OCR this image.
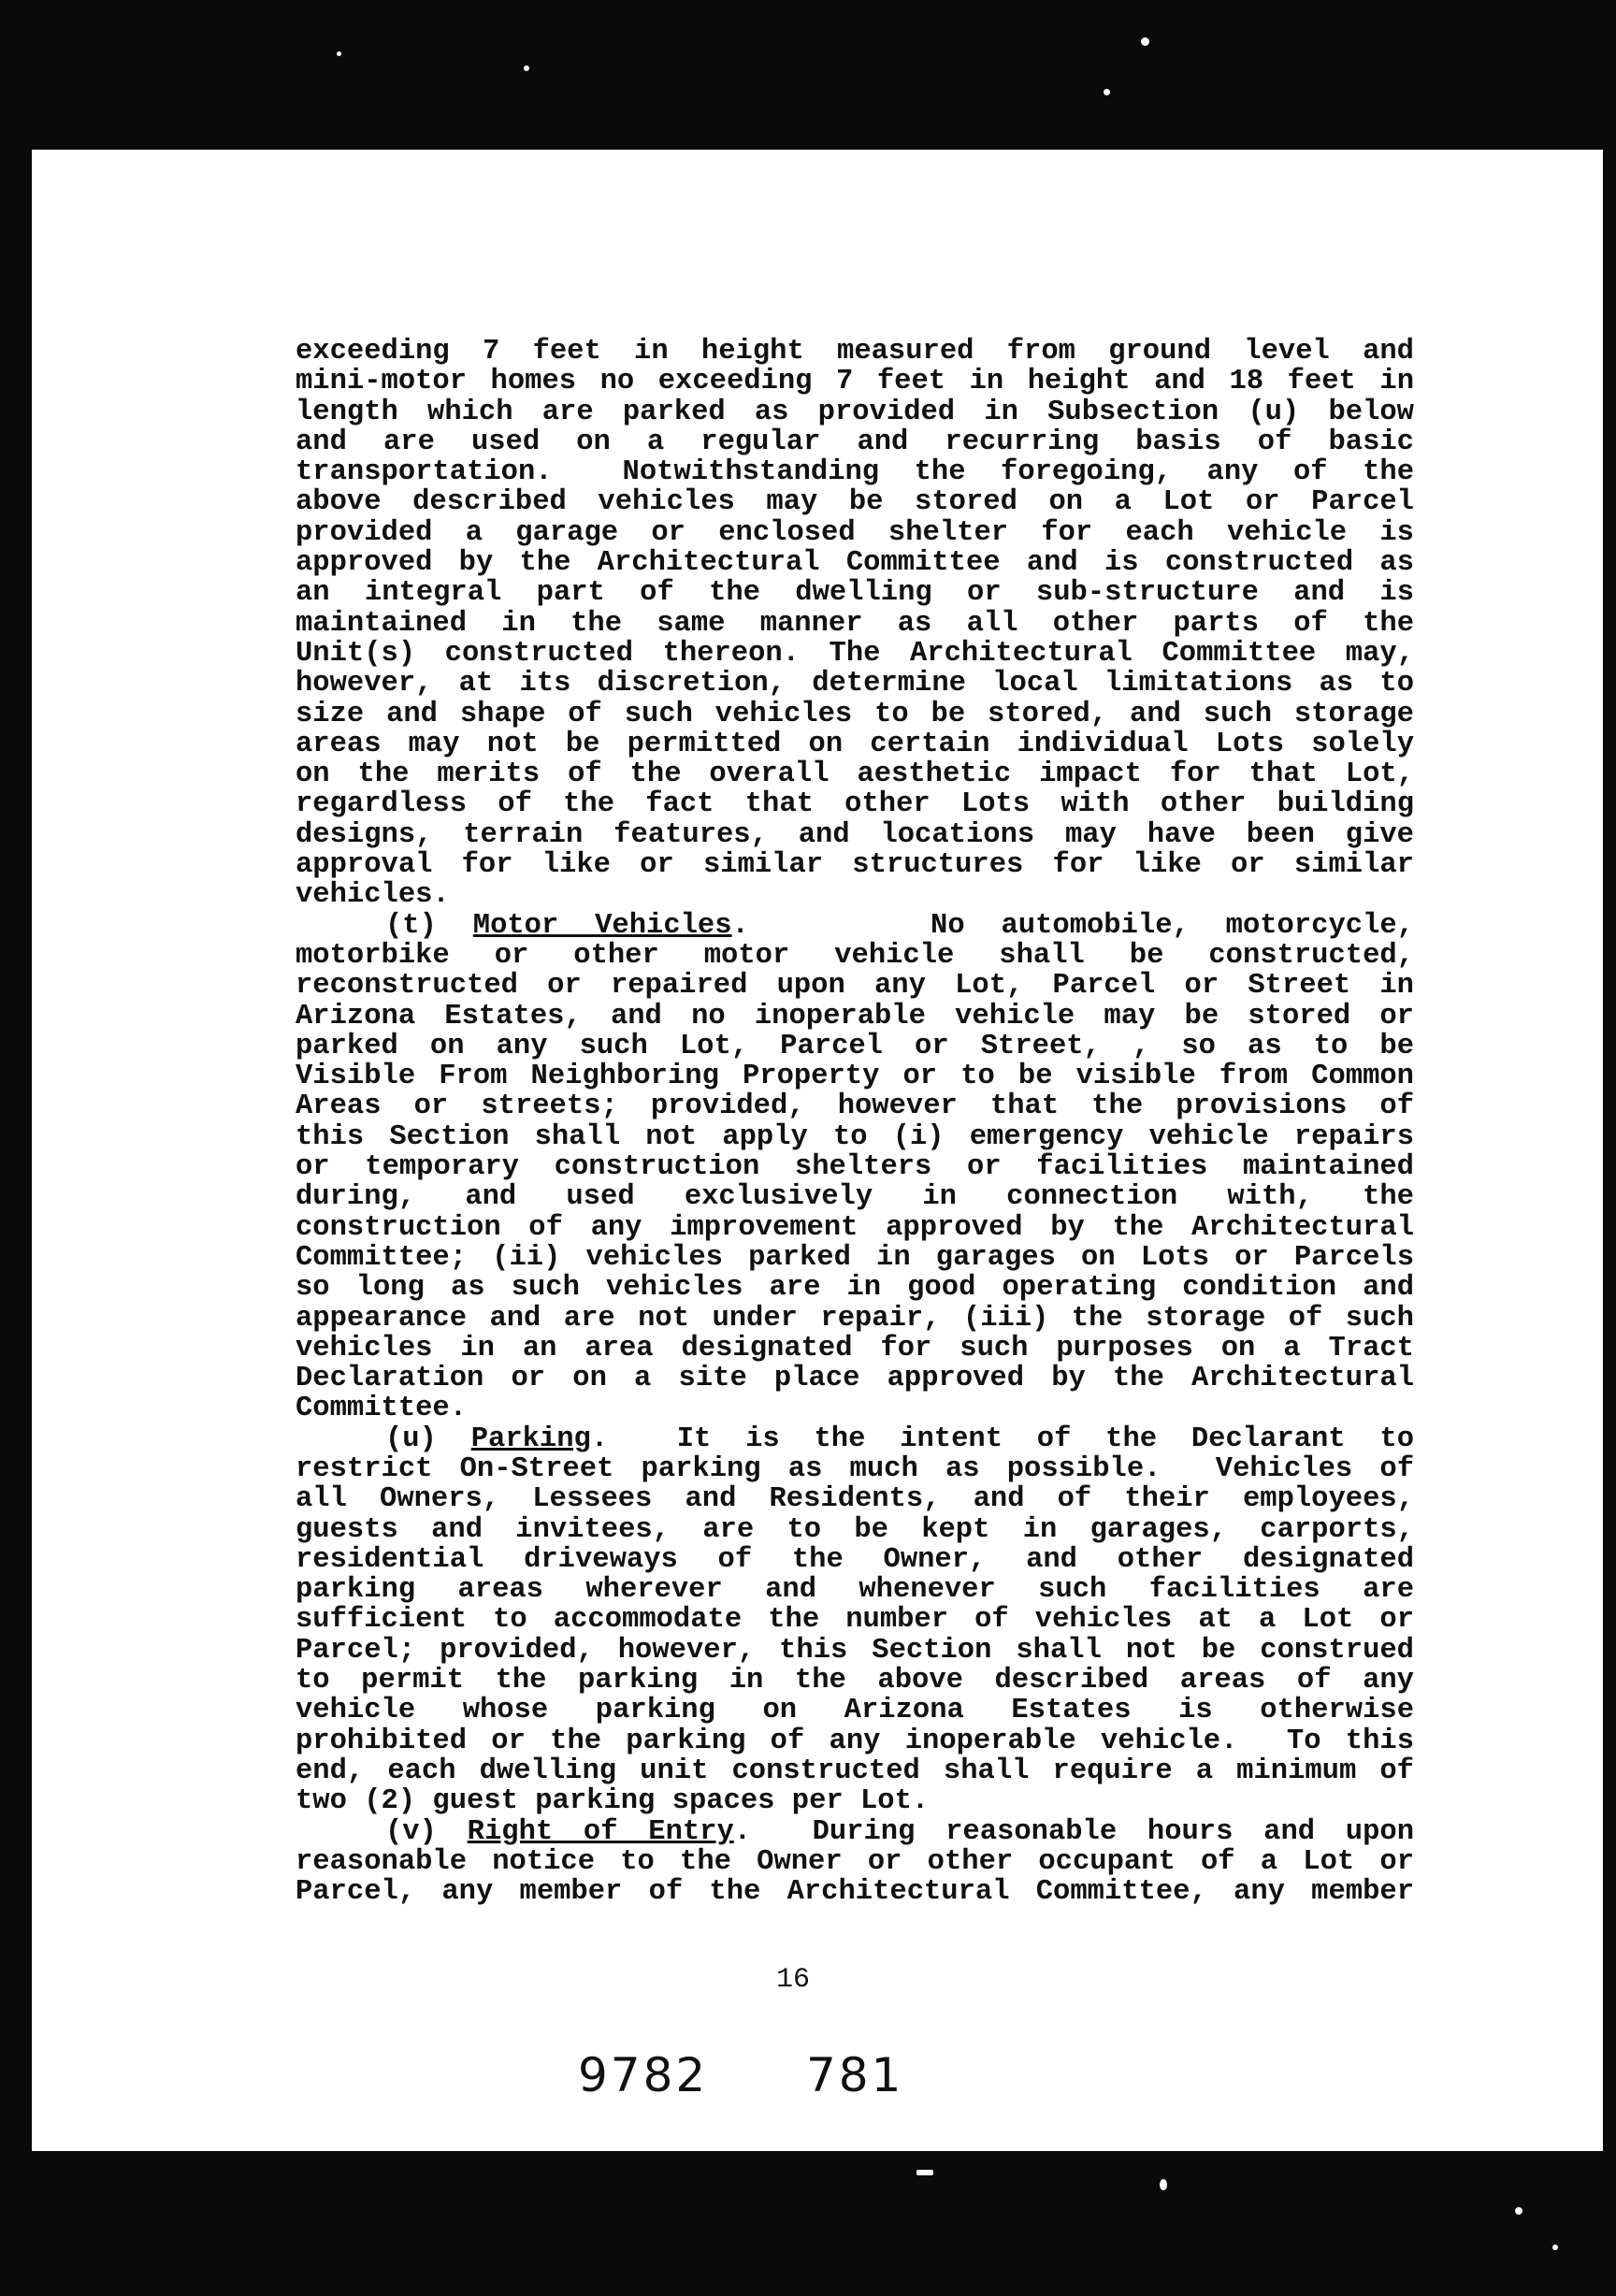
exceeding 7 feet in height measured from ground level and
mini-motor homes no exceeding 7 feet in height and 18 feet in
length which are parked as provided in Subsection (u) below
and are used on a regular and recurring basis of basic
transportation.  Notwithstanding the foregoing, any of the
above described vehicles may be stored on a Lot or Parcel
provided a garage or enclosed shelter for each vehicle is
approved by the Architectural Committee and is constructed as
an integral part of the dwelling or sub-structure and is
maintained in the same manner as all other parts of the
Unit(s) constructed thereon. The Architectural Committee may,
however, at its discretion, determine local limitations as to
size and shape of such vehicles to be stored, and such storage
areas may not be permitted on certain individual Lots solely
on the merits of the overall aesthetic impact for that Lot,
regardless of the fact that other Lots with other building
designs, terrain features, and locations may have been give
approval for like or similar structures for like or similar
vehicles.
(t) Motor Vehicles.     No automobile, motorcycle,
motorbike or other motor vehicle shall be constructed,
reconstructed or repaired upon any Lot, Parcel or Street in
Arizona Estates, and no inoperable vehicle may be stored or
parked on any such Lot, Parcel or Street, , so as to be
Visible From Neighboring Property or to be visible from Common
Areas or streets; provided, however that the provisions of
this Section shall not apply to (i) emergency vehicle repairs
or temporary construction shelters or facilities maintained
during, and used exclusively in connection with, the
construction of any improvement approved by the Architectural
Committee; (ii) vehicles parked in garages on Lots or Parcels
so long as such vehicles are in good operating condition and
appearance and are not under repair, (iii) the storage of such
vehicles in an area designated for such purposes on a Tract
Declaration or on a site place approved by the Architectural
Committee.
(u) Parking.  It is the intent of the Declarant to
restrict On-Street parking as much as possible.  Vehicles of
all Owners, Lessees and Residents, and of their employees,
guests and invitees, are to be kept in garages, carports,
residential driveways of the Owner, and other designated
parking areas wherever and whenever such facilities are
sufficient to accommodate the number of vehicles at a Lot or
Parcel; provided, however, this Section shall not be construed
to permit the parking in the above described areas of any
vehicle whose parking on Arizona Estates is otherwise
prohibited or the parking of any inoperable vehicle.  To this
end, each dwelling unit constructed shall require a minimum of
two (2) guest parking spaces per Lot.
(v) Right of Entry.  During reasonable hours and upon
reasonable notice to the Owner or other occupant of a Lot or
Parcel, any member of the Architectural Committee, any member
16
9782 781
